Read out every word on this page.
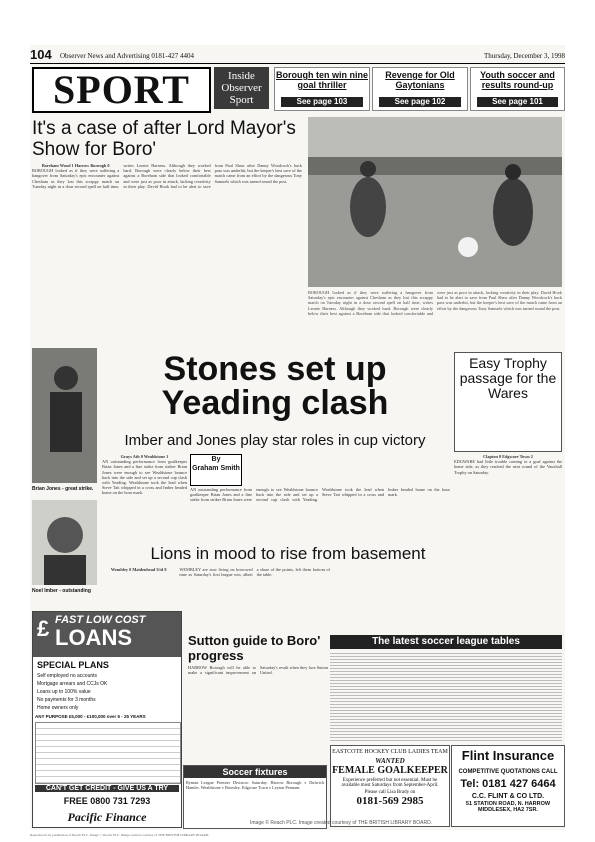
104 Observer News and Advertising 0181-427 4404	Thursday, December 3, 1998
SPORT	Inside Observer Sport
Borough ten win nine goal thriller
See page 103
Revenge for Old Gaytonians
See page 102
Youth soccer and results round-up
See page 101
It's a case of after Lord Mayor's Show for Boro'
Boreham Wood 1 Harrow Borough 0
BOROUGH looked as if they were suffering a hangover from Saturday's epic encounter against Chesham as they lost this scrappy match on Tuesday night in a dour second spell on half time, writes Leonie Harness. Although they worked hard, Borough were clearly below their best against a Boreham side that looked comfortable and were just as poor in attack, lacking creativity in their play. David Hook had to be alert to save from Paul Shaw after Danny Woodcock's back pass was underhit, but the keeper's best save of the match came from an effort by the dangerous Tony Samuels which was turned round the post.
BOROUGH looked as if they were suffering a hangover from Saturday's epic encounter against Chesham as they lost this scrappy match on Tuesday night in a dour second spell on half time, writes Leonie Harness. Although they worked hard, Borough were clearly below their best against a Boreham side that looked comfortable and were just as poor in attack, lacking creativity in their play. David Hook had to be alert to save from Paul Shaw after Danny Woodcock's back pass was underhit, but the keeper's best save of the match came from an effort by the dangerous Tony Samuels which was turned round the post.
Brian Jones - great strike.
Noel Imber - outstanding
Stones set up Yeading clash
Imber and Jones play star roles in cup victory
Easy Trophy passage for the Wares
Clapton 0 Edgware Town 2
EDGWARE had little trouble coming to a goal against the home side, as they reached the next round of the Vauxhall Trophy on Saturday.
Grays Ath 0 Wealdstone 1
AN outstanding performance from goalkeeper Brian Jones and a fine strike from striker Brian Jones were enough to see Wealdstone bounce back into the side and set up a second cup clash with Yeading. Wealdstone took the lead when Steve Tait whipped in a cross and Imber headed home on the hour mark.
By
Graham Smith
AN outstanding performance from goalkeeper Brian Jones and a fine strike from striker Brian Jones were enough to see Wealdstone bounce back into the side and set up a second cup clash with Yeading. Wealdstone took the lead when Steve Tait whipped in a cross and Imber headed home on the hour mark.
Lions in mood to rise from basement
Wembley 0 Maidenhead Utd 0	WEMBLEY are now living on borrowed time as Saturday's first league win, albeit a share of the points, left them bottom of the table.
FAST LOW COST
LOANS
£
SPECIAL PLANS
Self employed no accounts
Mortgage arrears and CCJs OK
Loans up to 100% value
No payments for 3 months
Home owners only
ANY PURPOSE £5,000 - £100,000 over 5 - 25 YEARS
CAN'T GET CREDIT - GIVE US A TRY
FREE 0800 731 7293
Pacific Finance
Sutton guide to Boro' progress
HARROW Borough will be able to make a significant improvement on Saturday's result when they face Sutton United.
The latest soccer league tables
Soccer fixtures
Ryman League Premier Division: Saturday. Harrow Borough v Dulwich Hamlet. Wealdstone v Bromley. Edgware Town v Leyton Pennant.
EASTCOTE HOCKEY CLUB LADIES TEAM
WANTED
FEMALE GOALKEEPER
Experience preferred but not essential. Must be available most Saturdays from September-April.
Please call Lisa Brady on
0181-569 2985
Flint Insurance
COMPETITIVE QUOTATIONS CALL
Tel: 0181 427 6464
C.C. FLINT & CO LTD.
51 STATION ROAD, N. HARROW MIDDLESEX, HA2 7SR.
Reproduced by permission of Reach PLC. Image © Reach PLC. Image created courtesy of THE BRITISH LIBRARY BOARD.
Image © Reach PLC. Image created courtesy of THE BRITISH LIBRARY BOARD.
